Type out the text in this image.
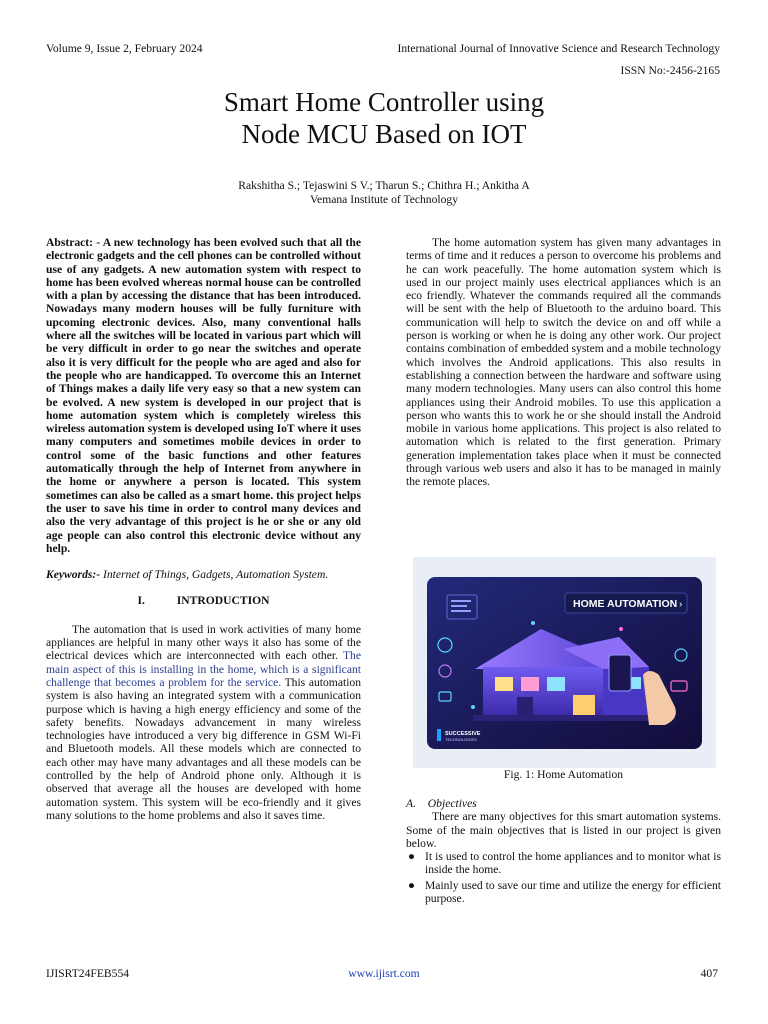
Volume 9, Issue 2, February 2024	International Journal of Innovative Science and Research Technology
ISSN No:-2456-2165
Smart Home Controller using
Node MCU Based on IOT
Rakshitha S.; Tejaswini S V.; Tharun S.; Chithra H.; Ankitha A
Vemana Institute of Technology

Abstract: - A new technology has been evolved such that all the electronic gadgets and the cell phones can be controlled without use of any gadgets. A new automation system with respect to home has been evolved whereas normal house can be controlled with a plan by accessing the distance that has been introduced. Nowadays many modern houses will be fully furniture with upcoming electronic devices. Also, many conventional halls where all the switches will be located in various part which will be very difficult in order to go near the switches and operate also it is very difficult for the people who are aged and also for the people who are handicapped. To overcome this an Internet of Things makes a daily life very easy so that a new system can be evolved. A new system is developed in our project that is home automation system which is completely wireless this wireless automation system is developed using IoT where it uses many computers and sometimes mobile devices in order to control some of the basic functions and other features automatically through the help of Internet from anywhere in the home or anywhere a person is located. This system sometimes can also be called as a smart home. this project helps the user to save his time in order to control many devices and also the very advantage of this project is he or she or any old age people can also control this electronic device without any help.

Keywords:- Internet of Things, Gadgets, Automation System.

I.	INTRODUCTION

The automation that is used in work activities of many home appliances are helpful in many other ways it also has some of the electrical devices which are interconnected with each other. The main aspect of this is installing in the home, which is a significant challenge that becomes a problem for the service. This automation system is also having an integrated system with a communication purpose which is having a high energy efficiency and some of the safety benefits. Nowadays advancement in many wireless technologies have introduced a very big difference in GSM Wi-Fi and Bluetooth models. All these models which are connected to each other may have many advantages and all these models can be controlled by the help of Android phone only. Although it is observed that average all the houses are developed with home automation system. This system will be eco-friendly and it gives many solutions to the home problems and also it saves time.

The home automation system has given many advantages in terms of time and it reduces a person to overcome his problems and he can work peacefully. The home automation system which is used in our project mainly uses electrical appliances which is an eco friendly. Whatever the commands required all the commands will be sent with the help of Bluetooth to the arduino board. This communication will help to switch the device on and off while a person is working or when he is doing any other work. Our project contains combination of embedded system and a mobile technology which involves the Android applications. This also results in establishing a connection between the hardware and software using many modern technologies. Many users can also control this home appliances using their Android mobiles. To use this application a person who wants this to work he or she should install the Android mobile in various home applications. This project is also related to automation which is related to the first generation. Primary generation implementation takes place when it must be connected through various web users and also it has to be managed in mainly the remote places.

HOME AUTOMATION ›
SUCCESSIVE
TECHNOLOGIES
Fig. 1: Home Automation

A. Objectives

There are many objectives for this smart automation systems. Some of the main objectives that is listed in our project is given below.

● It is used to control the home appliances and to monitor what is inside the home.
● Mainly used to save our time and utilize the energy for efficient purpose.
IJISRT24FEB554	www.ijisrt.com	407
